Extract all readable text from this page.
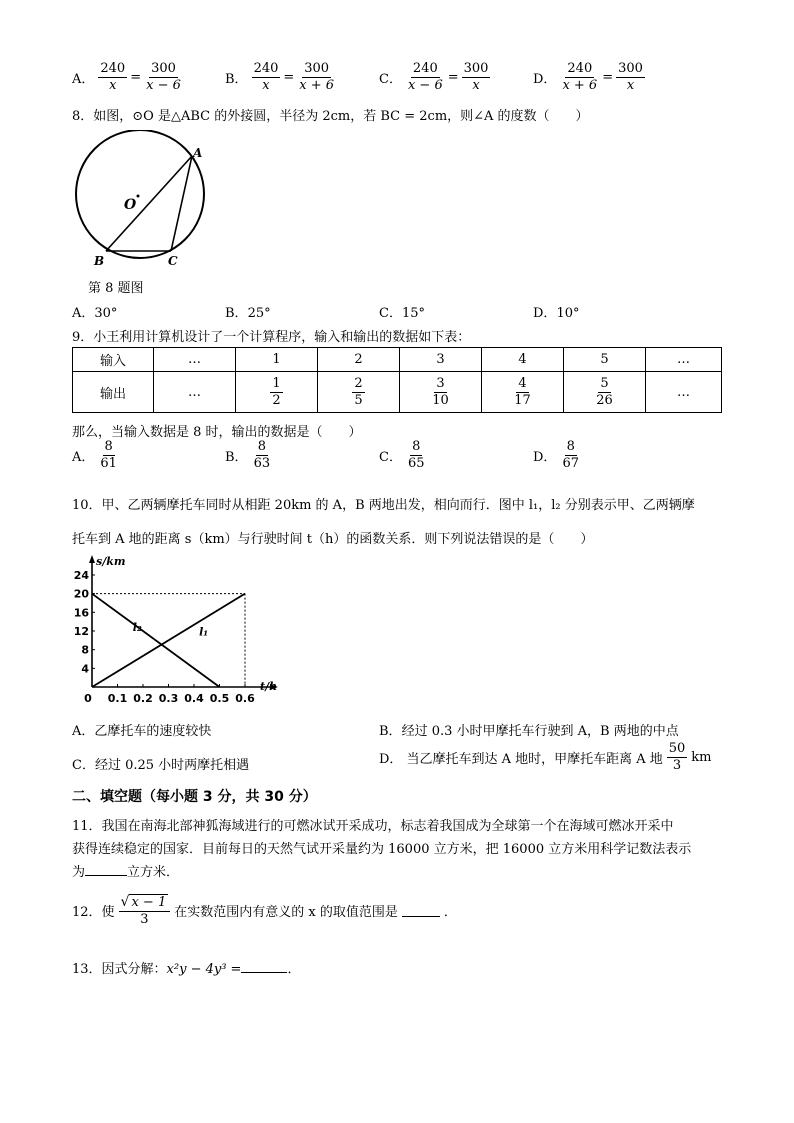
A． $\frac{240}{x} = \frac{300}{x - 6}$	B． $\frac{240}{x} = \frac{300}{x + 6}$	C． $\frac{240}{x - 6} = \frac{300}{x}$	D． $\frac{240}{x + 6} = \frac{300}{x}$
8．如图，⊙O 是△ABC 的外接圆，半径为 2cm，若 BC = 2cm，则∠A 的度数（　　）
O
A
B	C
第 8 题图
A．30°	B．25°	C．15°	D．10°
9．小王利用计算机设计了一个计算程序，输入和输出的数据如下表：
输入	…	1	2	3	4	5	…
输出	…	$\frac{1}{2}$	$\frac{2}{5}$	$\frac{3}{10}$	$\frac{4}{17}$	$\frac{5}{26}$	…
那么，当输入数据是 8 时，输出的数据是（　　）
A． $\frac{8}{61}$	B． $\frac{8}{63}$	C． $\frac{8}{65}$	D． $\frac{8}{67}$
10．甲、乙两辆摩托车同时从相距 20km 的 A，B 两地出发，相向而行．图中 l₁，l₂ 分别表示甲、乙两辆摩
托车到 A 地的距离 s（km）与行驶时间 t（h）的函数关系．则下列说法错误的是（　　）
s/km
t/h
4
8
12
16
20
24
0 0.1 0.2 0.3 0.4 0.5 0.6
l₁
l₂
A．乙摩托车的速度较快	B．经过 0.3 小时甲摩托车行驶到 A，B 两地的中点
C．经过 0.25 小时两摩托相遇	D． 当乙摩托车到达 A 地时，甲摩托车距离 A 地 $\frac{50}{3}$ km
二、填空题（每小题 3 分，共 30 分）
11．我国在南海北部神狐海域进行的可燃冰试开采成功，标志着我国成为全球第一个在海域可燃冰开采中
获得连续稳定的国家．目前每日的天然气试开采量约为 16000 立方米，把 16000 立方米用科学记数法表示
为	立方米．
12．使 $\frac{√ x - 1}{3}$ 在实数范围内有意义的 x 的取值范围是	．
13．因式分解：x²y − 4y³ =	．
